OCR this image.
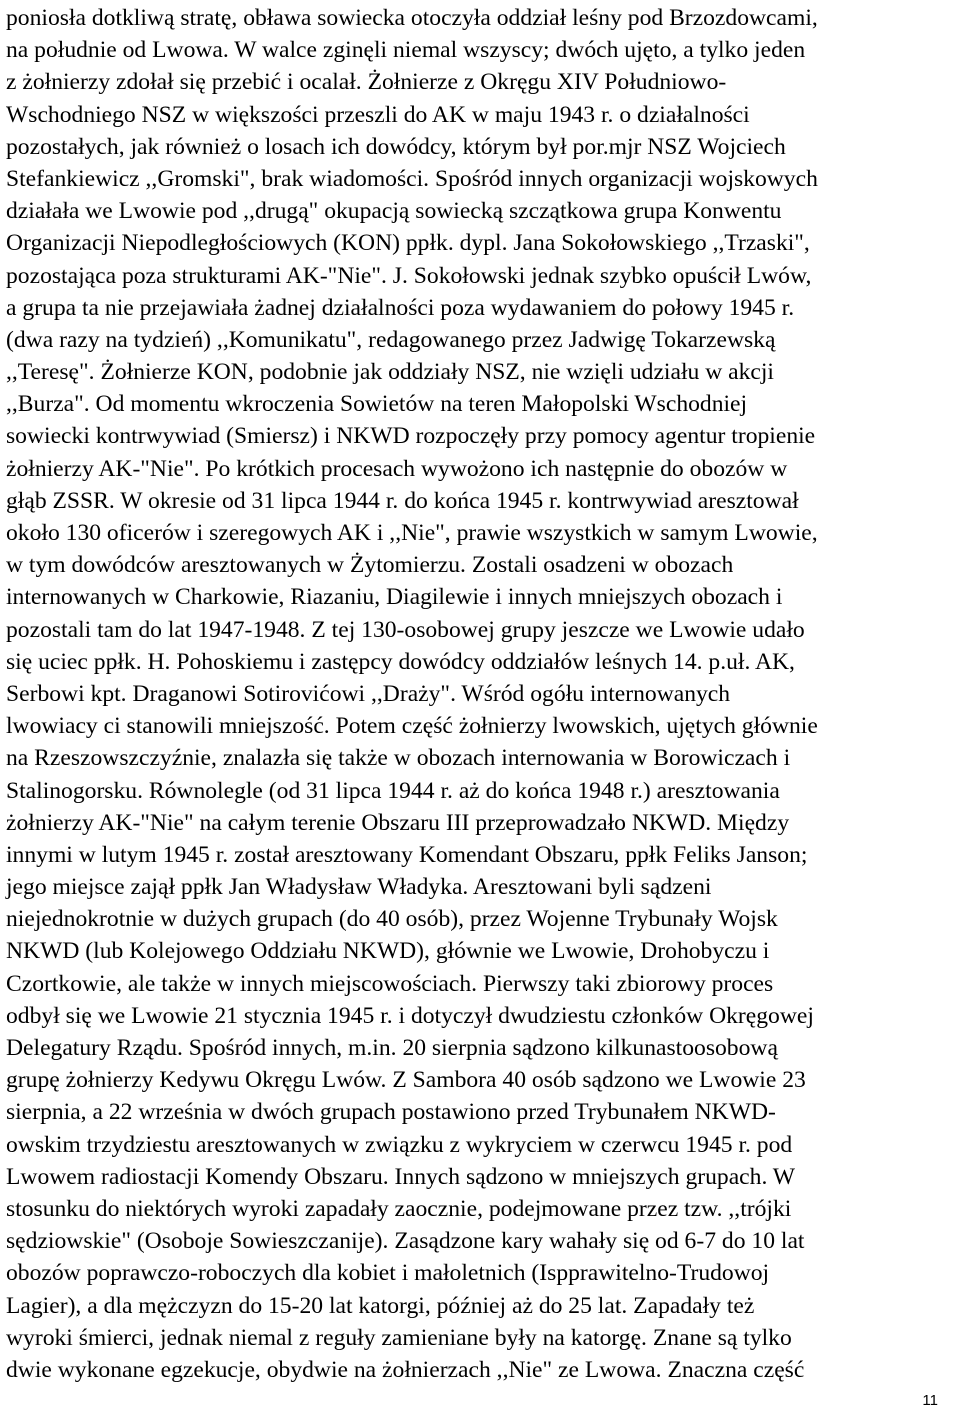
poniosła dotkliwą stratę, obława sowiecka otoczyła oddział leśny pod Brzozdowcami,
na południe od Lwowa. W walce zginęli niemal wszyscy; dwóch ujęto, a tylko jeden
z żołnierzy zdołał się przebić i ocalał. Żołnierze z Okręgu XIV Południowo-
Wschodniego NSZ w większości przeszli do AK w maju 1943 r. o działalności
pozostałych, jak również o losach ich dowódcy, którym był por.mjr NSZ Wojciech
Stefankiewicz ,,Gromski", brak wiadomości. Spośród innych organizacji wojskowych
działała we Lwowie pod ,,drugą" okupacją sowiecką szczątkowa grupa Konwentu
Organizacji Niepodległościowych (KON) ppłk. dypl. Jana Sokołowskiego ,,Trzaski",
pozostająca poza strukturami AK-"Nie". J. Sokołowski jednak szybko opuścił Lwów,
a grupa ta nie przejawiała żadnej działalności poza wydawaniem do połowy 1945 r.
(dwa razy na tydzień) ,,Komunikatu", redagowanego przez Jadwigę Tokarzewską
,,Teresę". Żołnierze KON, podobnie jak oddziały NSZ, nie wzięli udziału w akcji
,,Burza". Od momentu wkroczenia Sowietów na teren Małopolski Wschodniej
sowiecki kontrwywiad (Smiersz) i NKWD rozpoczęły przy pomocy agentur tropienie
żołnierzy AK-"Nie". Po krótkich procesach wywożono ich następnie do obozów w
głąb ZSSR. W okresie od 31 lipca 1944 r. do końca 1945 r. kontrwywiad aresztował
około 130 oficerów i szeregowych AK i ,,Nie", prawie wszystkich w samym Lwowie,
w tym dowódców aresztowanych w Żytomierzu. Zostali osadzeni w obozach
internowanych w Charkowie, Riazaniu, Diagilewie i innych mniejszych obozach i
pozostali tam do lat 1947-1948. Z tej 130-osobowej grupy jeszcze we Lwowie udało
się uciec ppłk. H. Pohoskiemu i zastępcy dowódcy oddziałów leśnych 14. p.uł. AK,
Serbowi kpt. Draganowi Sotirovićowi ,,Draży". Wśród ogółu internowanych
lwowiacy ci stanowili mniejszość. Potem część żołnierzy lwowskich, ujętych głównie
na Rzeszowszczyźnie, znalazła się także w obozach internowania w Borowiczach i
Stalinogorsku. Równolegle (od 31 lipca 1944 r. aż do końca 1948 r.) aresztowania
żołnierzy AK-"Nie" na całym terenie Obszaru III przeprowadzało NKWD. Między
innymi w lutym 1945 r. został aresztowany Komendant Obszaru, ppłk Feliks Janson;
jego miejsce zajął ppłk Jan Władysław Władyka. Aresztowani byli sądzeni
niejednokrotnie w dużych grupach (do 40 osób), przez Wojenne Trybunały Wojsk
NKWD (lub Kolejowego Oddziału NKWD), głównie we Lwowie, Drohobyczu i
Czortkowie, ale także w innych miejscowościach. Pierwszy taki zbiorowy proces
odbył się we Lwowie 21 stycznia 1945 r. i dotyczył dwudziestu członków Okręgowej
Delegatury Rządu. Spośród innych, m.in. 20 sierpnia sądzono kilkunastoosobową
grupę żołnierzy Kedywu Okręgu Lwów. Z Sambora 40 osób sądzono we Lwowie 23
sierpnia, a 22 września w dwóch grupach postawiono przed Trybunałem NKWD-
owskim trzydziestu aresztowanych w związku z wykryciem w czerwcu 1945 r. pod
Lwowem radiostacji Komendy Obszaru. Innych sądzono w mniejszych grupach. W
stosunku do niektórych wyroki zapadały zaocznie, podejmowane przez tzw. ,,trójki
sędziowskie" (Osoboje Sowieszczanije). Zasądzone kary wahały się od 6-7 do 10 lat
obozów poprawczo-roboczych dla kobiet i małoletnich (Ispprawitelno-Trudowoj
Lagier), a dla mężczyzn do 15-20 lat katorgi, później aż do 25 lat. Zapadały też
wyroki śmierci, jednak niemal z reguły zamieniane były na katorgę. Znane są tylko
dwie wykonane egzekucje, obydwie na żołnierzach ,,Nie" ze Lwowa. Znaczna część

11
